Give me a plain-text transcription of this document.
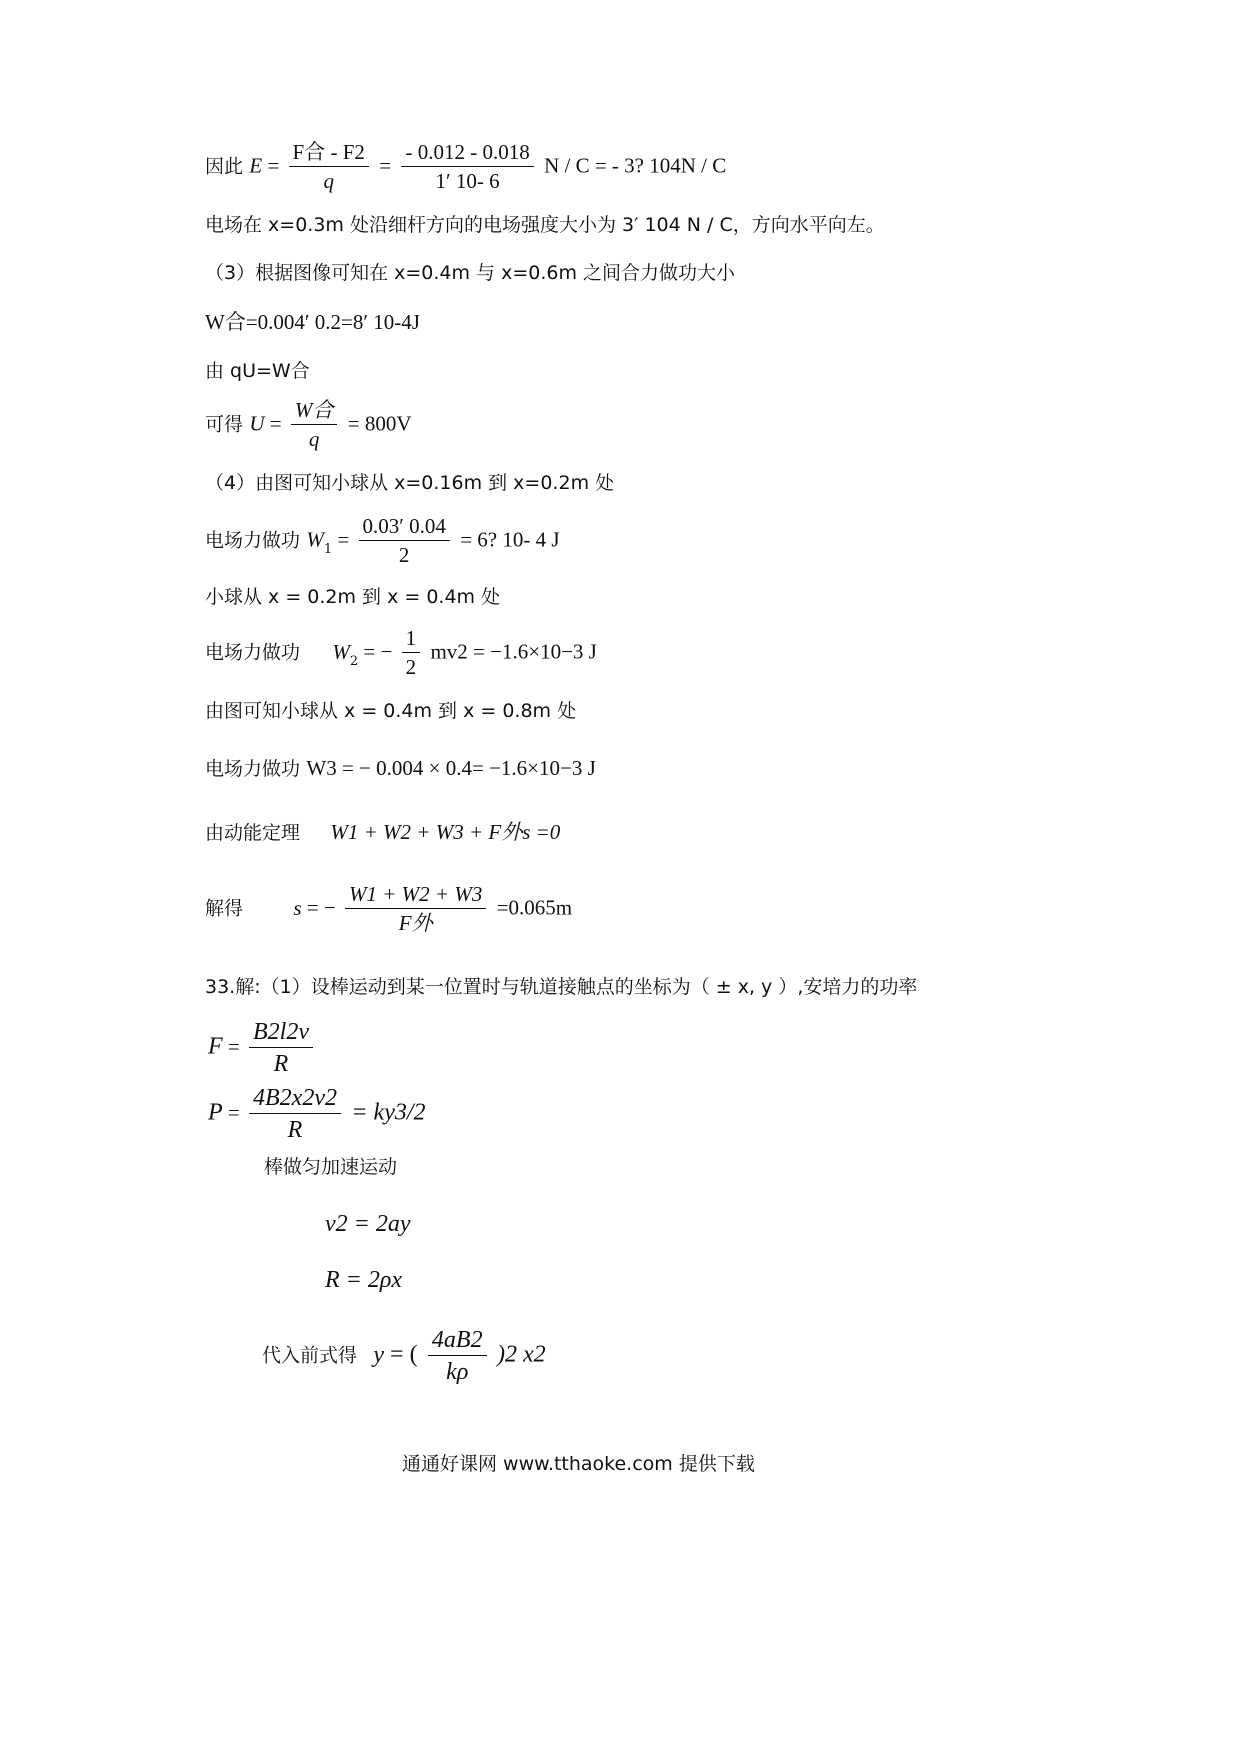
因此 $E = \frac{\text{F合 - F2}}{q} = \frac{- 0.012 - 0.018}{1' 10- 6}$ N / C = - 3? 104N / C
电场在 x=0.3m 处沿细杆方向的电场强度大小为 3′ 104 N / C，方向水平向左。
（3）根据图像可知在 x=0.4m 与 x=0.6m 之间合力做功大小
W合=0.004′ 0.2=8′ 10-4J
由 qU=W合
可得 $U = \frac{\text{W合}}{q} = 800V$
（4）由图可知小球从 x=0.16m 到 x=0.2m 处
电场力做功 $W_1 = \frac{0.03' 0.04}{2} = 6$? 10- 4 J
小球从 x = 0.2m 到 x = 0.4m 处
电场力做功 $W_2$ = − $\frac{1}{2} mv2 = -1.6\times 10-3$ J
由图可知小球从 x = 0.4m 到 x = 0.8m 处
电场力做功 W3 = − 0.004 × 0.4= −1.6×10−3 J
由动能定理 W1 + W2 + W3 + F外s =0
解得 s = − $\frac{W1 + W2 + W3}{\text{F外}} =0.065m$
33.解:（1）设棒运动到某一位置时与轨道接触点的坐标为（ ± x, y ）,安培力的功率
$F = \frac{B2l2v}{R}$
$P = \frac{4B2x2v2}{R} = ky3/2$
棒做匀加速运动
v2 = 2ay
R = 2ρx
代入前式得 y = ( $\frac{4aB2}{k\rho} )2$ x2
通通好课网 www.tthaoke.com 提供下载
